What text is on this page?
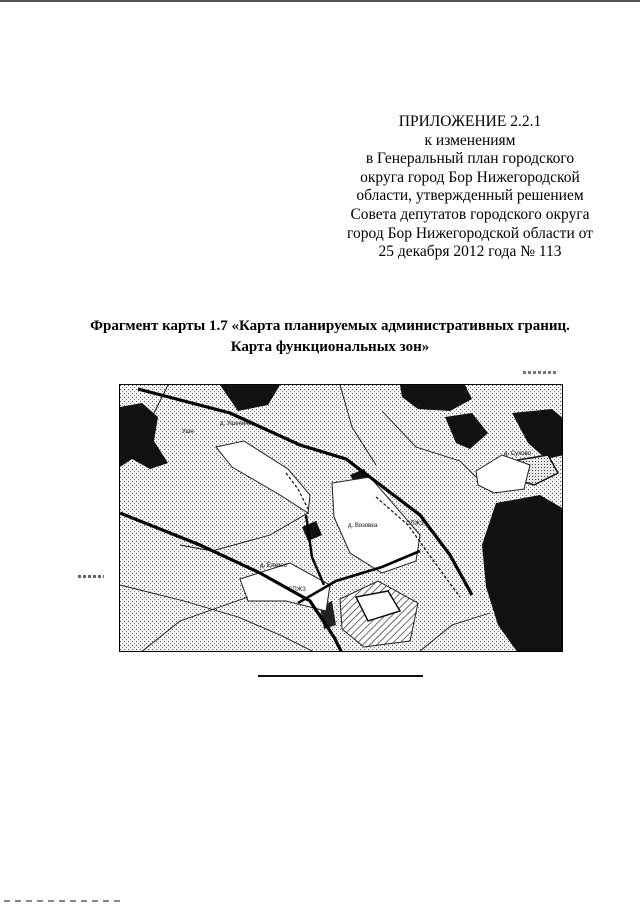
ПРИЛОЖЕНИЕ 2.2.1
к изменениям
в Генеральный план городского
округа город Бор Нижегородской
области, утвержденный решением
Совета депутатов городского округа
город Бор Нижегородской области от
25 декабря 2012 года № 113
Фрагмент карты 1.7 «Карта планируемых административных границ.
Карта функциональных зон»
д. Ушенино
д. Вязовка
д. Елкино
д. Сухово
Ушн
501 д
СПЖЗ
СПЖЗ
